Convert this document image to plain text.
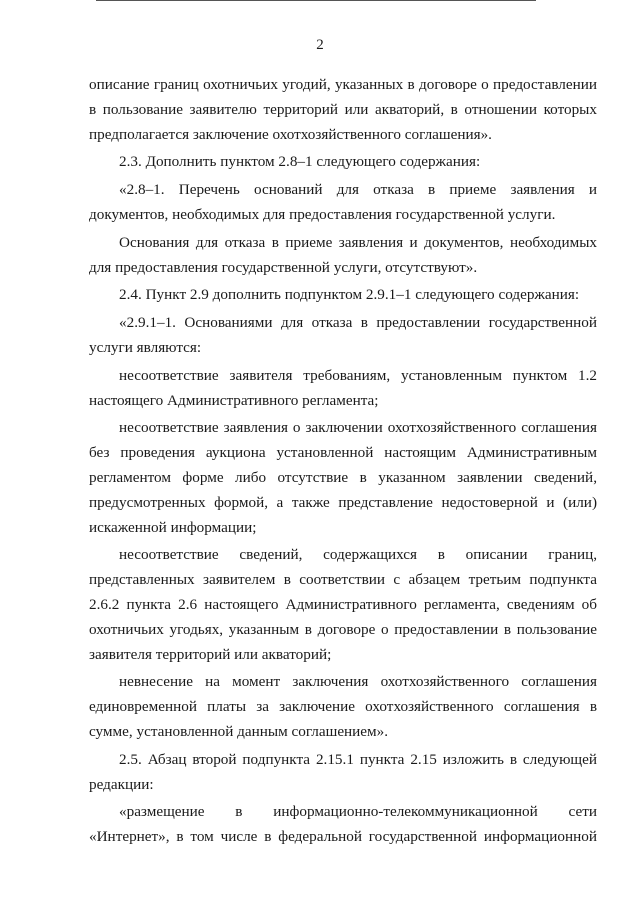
2

описание границ охотничьих угодий, указанных в договоре о предоставлении в пользование заявителю территорий или акваторий, в отношении которых предполагается заключение охотхозяйственного соглашения».

2.3. Дополнить пунктом 2.8–1 следующего содержания:

«2.8–1. Перечень оснований для отказа в приеме заявления и документов, необходимых для предоставления государственной услуги.

Основания для отказа в приеме заявления и документов, необходимых для предоставления государственной услуги, отсутствуют».

2.4. Пункт 2.9 дополнить подпунктом 2.9.1–1 следующего содержания:

«2.9.1–1. Основаниями для отказа в предоставлении государственной услуги являются:

несоответствие заявителя требованиям, установленным пунктом 1.2 настоящего Административного регламента;

несоответствие заявления о заключении охотхозяйственного соглашения без проведения аукциона установленной настоящим Административным регламентом форме либо отсутствие в указанном заявлении сведений, предусмотренных формой, а также представление недостоверной и (или) искаженной информации;

несоответствие сведений, содержащихся в описании границ, представленных заявителем в соответствии с абзацем третьим подпункта 2.6.2 пункта 2.6 настоящего Административного регламента, сведениям об охотничьих угодьях, указанным в договоре о предоставлении в пользование заявителя территорий или акваторий;

невнесение на момент заключения охотхозяйственного соглашения единовременной платы за заключение охотхозяйственного соглашения в сумме, установленной данным соглашением».

2.5. Абзац второй подпункта 2.15.1 пункта 2.15 изложить в следующей редакции:

«размещение в информационно-телекоммуникационной сети «Интернет», в том числе в федеральной государственной информационной
